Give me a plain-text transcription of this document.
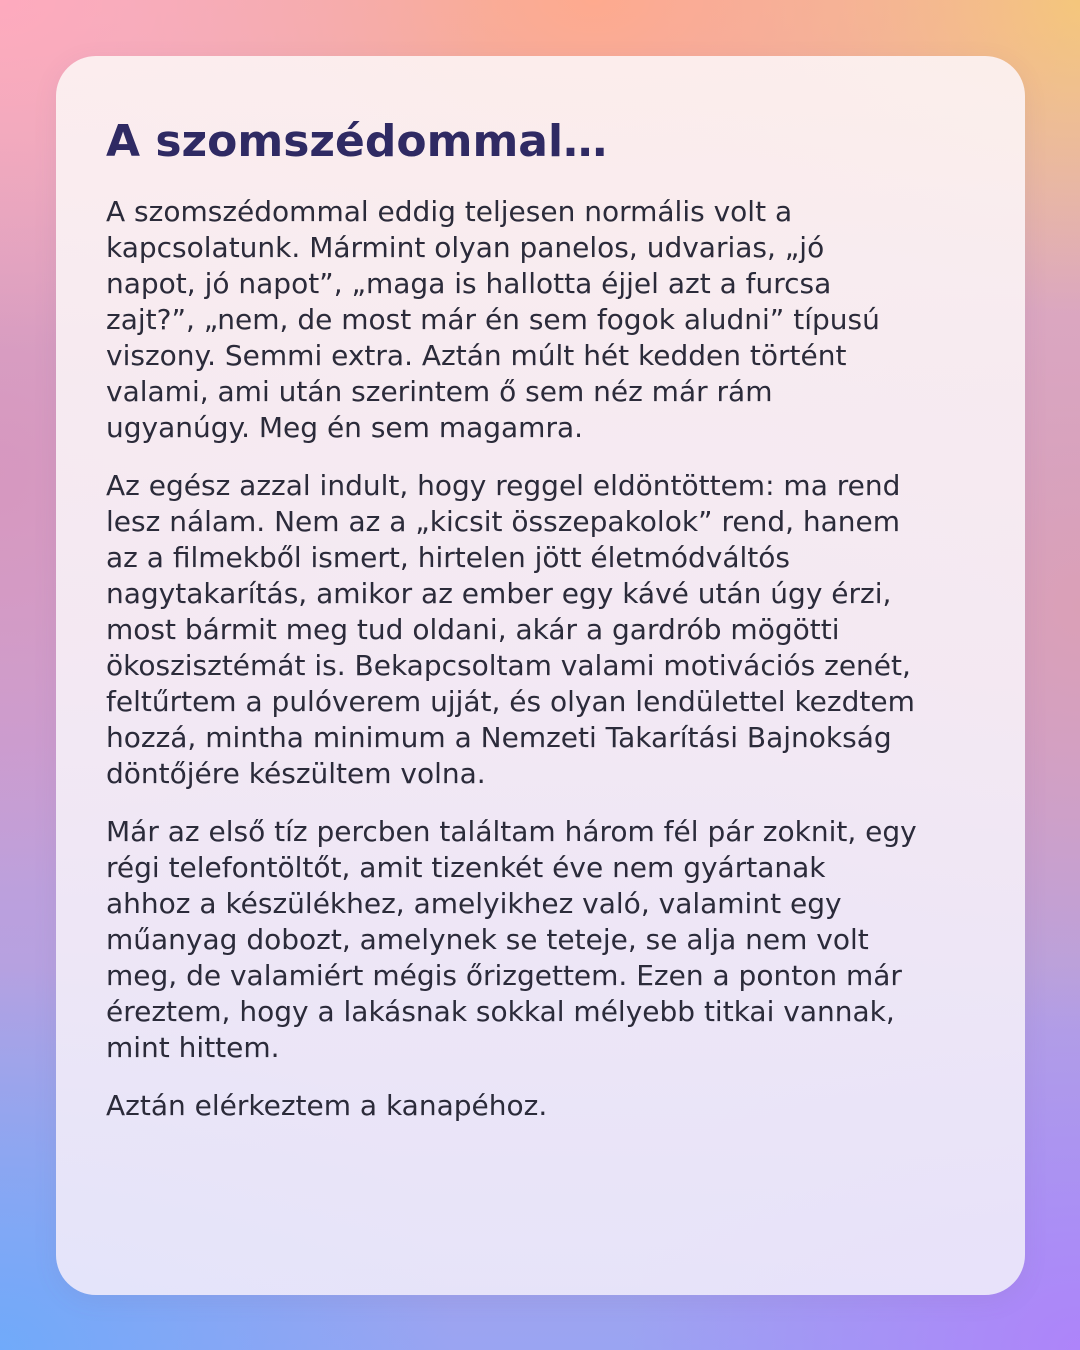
A szomszédommal…

A szomszédommal eddig teljesen normális volt a
kapcsolatunk. Mármint olyan panelos, udvarias, „jó
napot, jó napot”, „maga is hallotta éjjel azt a furcsa
zajt?”, „nem, de most már én sem fogok aludni” típusú
viszony. Semmi extra. Aztán múlt hét kedden történt
valami, ami után szerintem ő sem néz már rám
ugyanúgy. Meg én sem magamra.

Az egész azzal indult, hogy reggel eldöntöttem: ma rend
lesz nálam. Nem az a „kicsit összepakolok” rend, hanem
az a filmekből ismert, hirtelen jött életmódváltós
nagytakarítás, amikor az ember egy kávé után úgy érzi,
most bármit meg tud oldani, akár a gardrób mögötti
ökoszisztémát is. Bekapcsoltam valami motivációs zenét,
feltűrtem a pulóverem ujját, és olyan lendülettel kezdtem
hozzá, mintha minimum a Nemzeti Takarítási Bajnokság
döntőjére készültem volna.

Már az első tíz percben találtam három fél pár zoknit, egy
régi telefontöltőt, amit tizenkét éve nem gyártanak
ahhoz a készülékhez, amelyikhez való, valamint egy
műanyag dobozt, amelynek se teteje, se alja nem volt
meg, de valamiért mégis őrizgettem. Ezen a ponton már
éreztem, hogy a lakásnak sokkal mélyebb titkai vannak,
mint hittem.

Aztán elérkeztem a kanapéhoz.
